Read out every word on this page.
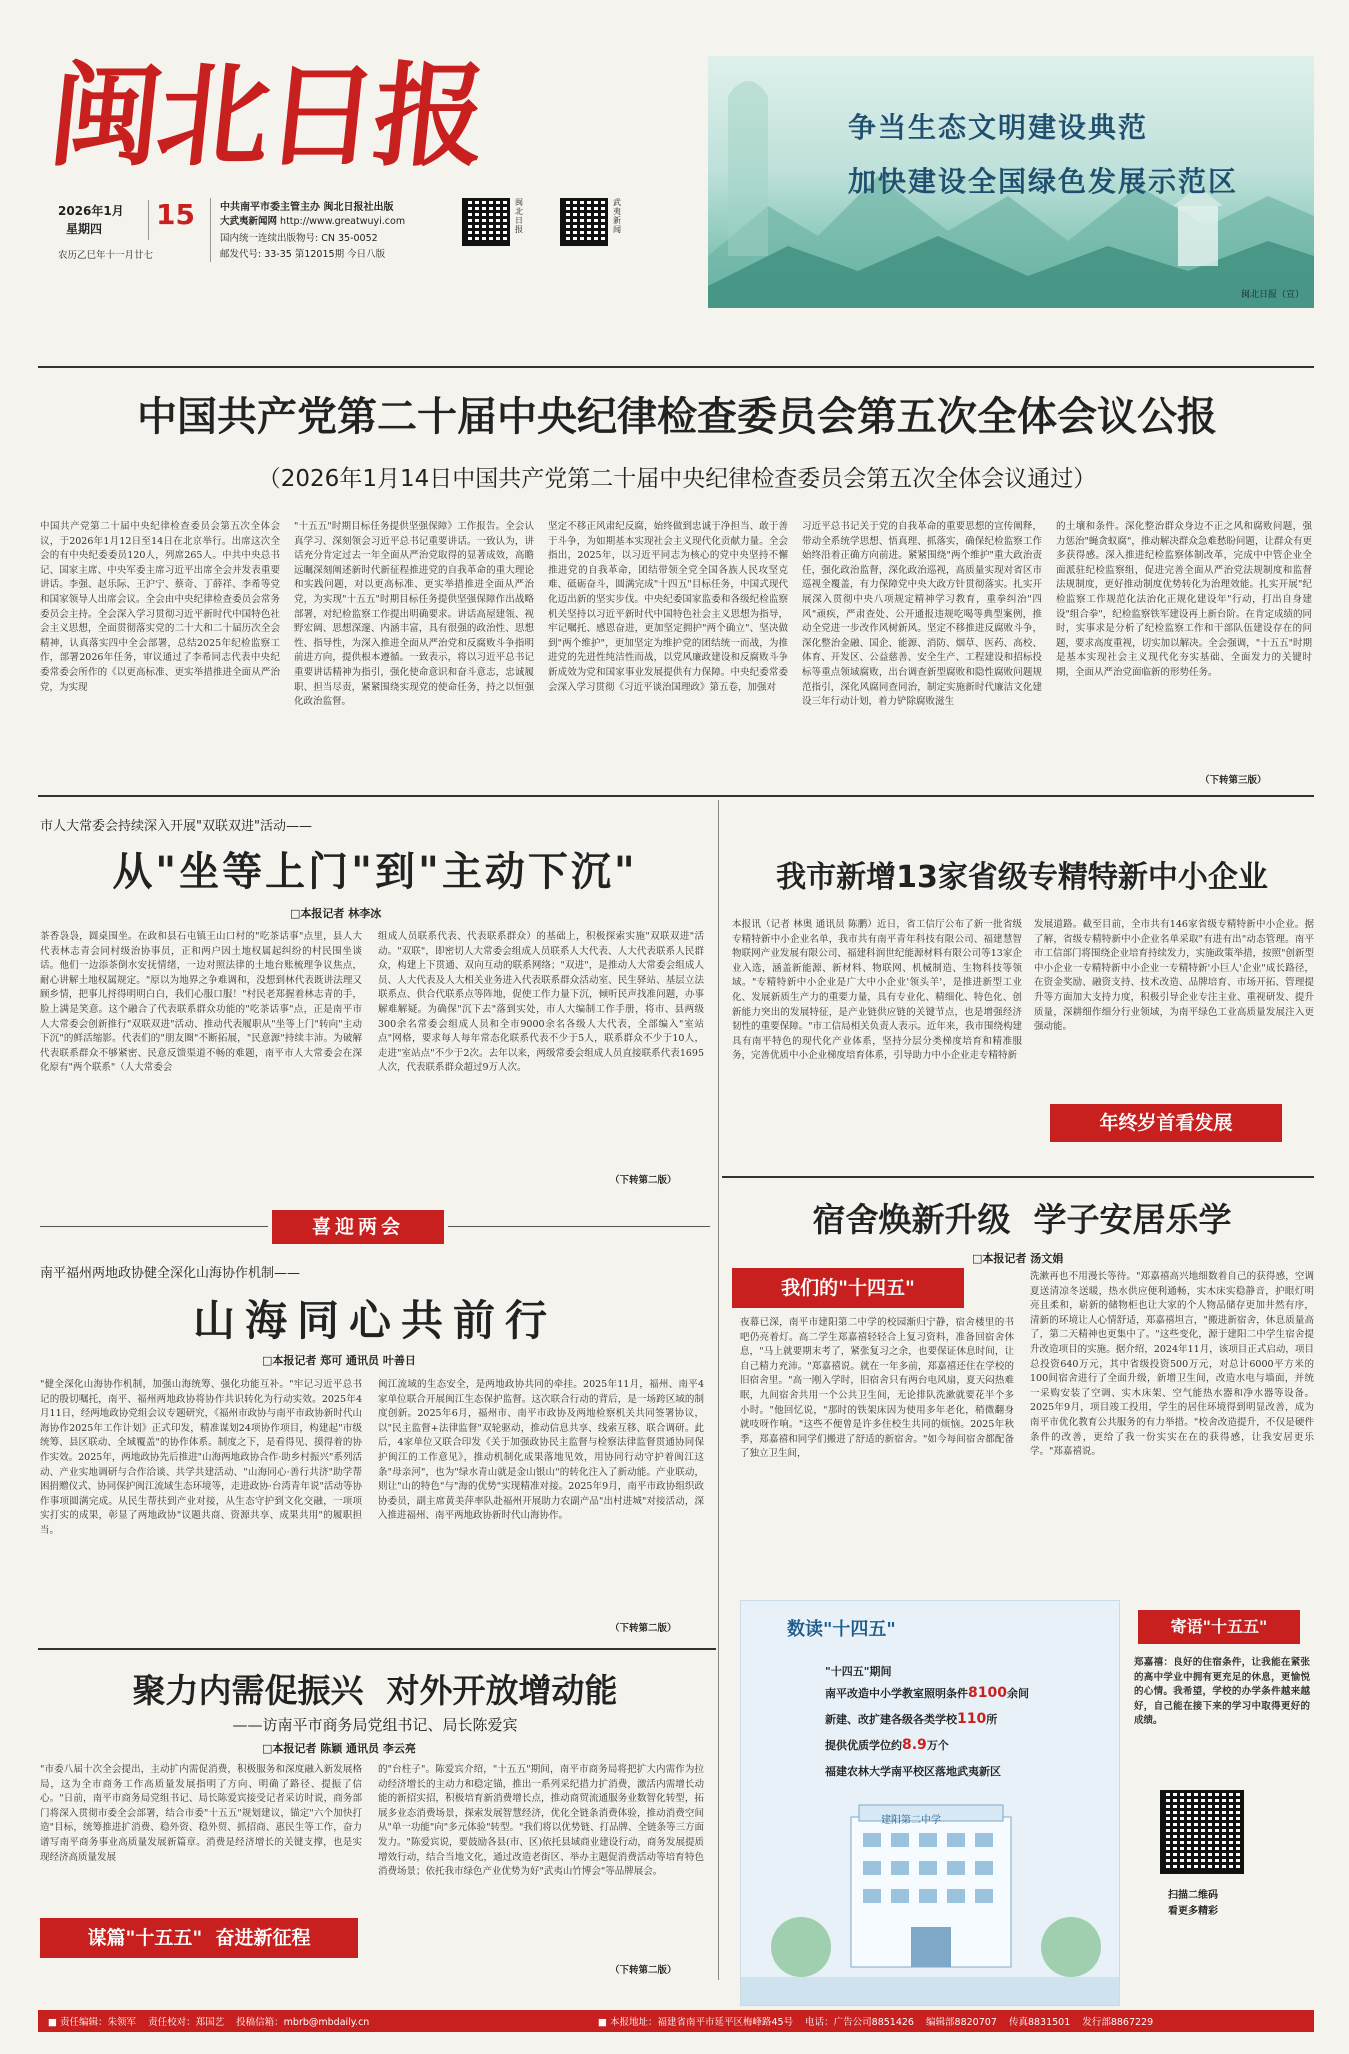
闽北日报
2026年1月
星期四 15
农历乙巳年十一月廿七
中共南平市委主管主办 闽北日报社出版
大武夷新闻网 http://www.greatwuyi.com
国内统一连续出版物号: CN 35-0052
邮发代号: 33-35 第12015期 今日八版
闽北日报
武夷新闻
争当生态文明建设典范
加快建设全国绿色发展示范区
闽北日报（宣）
中国共产党第二十届中央纪律检查委员会第五次全体会议公报
（2026年1月14日中国共产党第二十届中央纪律检查委员会第五次全体会议通过）
中国共产党第二十届中央纪律检查委员会第五次全体会议，于2026年1月12日至14日在北京举行。出席这次全会的有中央纪委委员120人，列席265人。中共中央总书记、国家主席、中央军委主席习近平出席全会并发表重要讲话。李强、赵乐际、王沪宁、蔡奇、丁薛祥、李希等党和国家领导人出席会议。全会由中央纪律检查委员会常务委员会主持。全会深入学习贯彻习近平新时代中国特色社会主义思想，全面贯彻落实党的二十大和二十届历次全会精神，认真落实四中全会部署，总结2025年纪检监察工作，部署2026年任务，审议通过了李希同志代表中央纪委常委会所作的《以更高标准、更实举措推进全面从严治党，为实现
"十五五"时期目标任务提供坚强保障》工作报告。全会认真学习、深刻领会习近平总书记重要讲话。一致认为，讲话充分肯定过去一年全面从严治党取得的显著成效，高瞻远瞩深刻阐述新时代新征程推进党的自我革命的重大理论和实践问题，对以更高标准、更实举措推进全面从严治党，为实现"十五五"时期目标任务提供坚强保障作出战略部署，对纪检监察工作提出明确要求。讲话高屋建瓴、视野宏阔、思想深邃、内涵丰富，具有很强的政治性、思想性、指导性，为深入推进全面从严治党和反腐败斗争指明前进方向，提供根本遵循。一致表示，将以习近平总书记重要讲话精神为指引，强化使命意识和奋斗意志，忠诚履职、担当尽责，紧紧围绕实现党的使命任务，持之以恒强化政治监督。
坚定不移正风肃纪反腐，始终做到忠诚于净担当、敢于善于斗争，为如期基本实现社会主义现代化贡献力量。全会指出，2025年，以习近平同志为核心的党中央坚持不懈推进党的自我革命，团结带领全党全国各族人民攻坚克难、砥砺奋斗，圆满完成"十四五"目标任务，中国式现代化迈出新的坚实步伐。中央纪委国家监委和各级纪检监察机关坚持以习近平新时代中国特色社会主义思想为指导，牢记嘱托、感恩奋进，更加坚定拥护"两个确立"、坚决做到"两个维护"，更加坚定为维护党的团结统一而战，为推进党的先进性纯洁性而战，以党风廉政建设和反腐败斗争新成效为党和国家事业发展提供有力保障。中央纪委常委会深入学习贯彻《习近平谈治国理政》第五卷，加强对
习近平总书记关于党的自我革命的重要思想的宣传阐释，带动全系统学思想、悟真理、抓落实，确保纪检监察工作始终沿着正确方向前进。紧紧围绕"两个维护"重大政治责任，强化政治监督，深化政治巡视，高质量实现对省区市巡视全覆盖，有力保障党中央大政方针贯彻落实。扎实开展深入贯彻中央八项规定精神学习教育，重拳纠治"四风"顽疾，严肃查处、公开通报违规吃喝等典型案例，推动全党进一步改作风树新风。坚定不移推进反腐败斗争，深化整治金融、国企、能源、消防、烟草、医药、高校、体育、开发区、公益慈善、安全生产、工程建设和招标投标等重点领域腐败，出台调查新型腐败和隐性腐败问题规范指引，深化风腐同查同治，制定实施新时代廉洁文化建设三年行动计划，着力铲除腐败滋生
的土壤和条件。深化整治群众身边不正之风和腐败问题，强力惩治"蝇贪蚁腐"，推动解决群众急难愁盼问题，让群众有更多获得感。深入推进纪检监察体制改革，完成中中管企业全面派驻纪检监察组，促进完善全面从严治党法规制度和监督法规制度，更好推动制度优势转化为治理效能。扎实开展"纪检监察工作规范化法治化正规化建设年"行动，打出自身建设"组合拳"，纪检监察铁军建设再上新台阶。在肯定成绩的同时，实事求是分析了纪检监察工作和干部队伍建设存在的问题，要求高度重视，切实加以解决。全会强调，"十五五"时期是基本实现社会主义现代化夯实基础、全面发力的关键时期，全面从严治党面临新的形势任务。
（下转第三版）
市人大常委会持续深入开展"双联双进"活动——
从"坐等上门"到"主动下沉"
□本报记者 林李冰
茶香袅袅，圆桌围坐。在政和县石屯镇王山口村的"吃茶话事"点里，县人大代表林志青会同村级治协事员，正和两户因土地权属起纠纷的村民围坐谈话。他们一边添茶倒水安抚情绪，一边对照法律的土地台账梳理争议焦点，耐心讲解土地权属规定。"原以为地界之争难调和，没想到林代表既讲法理又顾乡情，把事儿捋得明明白白，我们心服口服！"村民老郑握着林志青的手，脸上满是笑意。这个融合了代表联系群众功能的"吃茶话事"点，正是南平市人大常委会创新推行"双联双进"活动、推动代表履职从"坐等上门"转向"主动下沉"的鲜活缩影。代表们的"朋友圈"不断拓展，"民意源"持续丰沛。为破解代表联系群众不够紧密、民意反馈渠道不畅的难题，南平市人大常委会在深化原有"两个联系"（人大常委会
组成人员联系代表、代表联系群众）的基础上，积极探索实施"双联双进"活动。"双联"，即密切人大常委会组成人员联系人大代表、人大代表联系人民群众，构建上下贯通、双向互动的联系网络；"双进"，是推动人大常委会组成人员、人大代表及人大相关业务进入代表联系群众活动室、民生驿站、基层立法联系点、供合代联系点等阵地，促使工作力量下沉，倾听民声找准问题，办事解难解疑。为确保"沉下去"落到实处，市人大编制工作手册，将市、县两级300余名常委会组成人员和全市9000余名各级人大代表，全部编入"室站点"网格，要求每人每年常态化联系代表不少于5人，联系群众不少于10人，走进"室站点"不少于2次。去年以来，两级常委会组成人员直接联系代表1695人次，代表联系群众超过9万人次。
（下转第二版）
喜迎两会
南平福州两地政协健全深化山海协作机制——
山海同心共前行
□本报记者 郑可 通讯员 叶善日
"健全深化山海协作机制，加强山海统筹、强化功能互补。"牢记习近平总书记的殷切嘱托，南平、福州两地政协将协作共识转化为行动实效。2025年4月11日，经两地政协党组会议专题研究，《福州市政协与南平市政协新时代山海协作2025年工作计划》正式印发，精准谋划24项协作项目，构建起"市级统筹、县区联动、全域覆盖"的协作体系。制度之下，是看得见、摸得着的协作实效。2025年，两地政协先后推进"山海两地政协合作·助乡村振兴"系列活动、产业实地调研与合作洽谈、共学共建活动、"山海同心·善行共济"助学帮困捐赠仪式、协同保护闽江流域生态环境等，走进政协·台湾青年说"活动等协作事项圆满完成。从民生帮扶到产业对接，从生态守护到文化交融，一项项实打实的成果，彰显了两地政协"议题共商、资源共享、成果共用"的履职担当。
闽江流域的生态安全，是两地政协共同的牵挂。2025年11月，福州、南平4家单位联合开展闽江生态保护监督。这次联合行动的背后，是一场跨区域的制度创新。2025年6月，福州市、南平市政协及两地检察机关共同签署协议，以"民主监督+法律监督"双轮驱动，推动信息共享、线索互移、联合调研。此后，4家单位又联合印发《关于加强政协民主监督与检察法律监督贯通协同保护闽江的工作意见》，推动机制化成果落地见效，用协同行动守护着闽江这条"母亲河"，也为"绿水青山就是金山银山"的转化注入了新动能。产业联动，则让"山的特色"与"海的优势"实现精准对接。2025年9月，南平市政协组织政协委员，副主席黄美萍率队赴福州开展助力农副产品"出村进城"对接活动，深入推进福州、南平两地政协新时代山海协作。
（下转第二版）
聚力内需促振兴  对外开放增动能
——访南平市商务局党组书记、局长陈爱宾
□本报记者 陈颖 通讯员 李云亮
"市委八届十次全会提出，主动扩内需促消费，积极服务和深度融入新发展格局，这为全市商务工作高质量发展指明了方向、明确了路径、提振了信心。"日前，南平市商务局党组书记、局长陈爱宾接受记者采访时说，商务部门将深入贯彻市委全会部署，结合市委"十五五"规划建议，锚定"六个加快打造"目标，统筹推进扩消费、稳外资、稳外贸、抓招商、惠民生等工作，奋力谱写南平商务事业高质量发展新篇章。消费是经济增长的关键支撑，也是实现经济高质量发展
的"台柱子"。陈爱宾介绍，"十五五"期间，南平市商务局将把扩大内需作为拉动经济增长的主动力和稳定锚，推出一系列采纪措力扩消费，激活内需增长动能的新招实招，积极培育新消费增长点，推动商贸流通服务业数智化转型，拓展多业态消费场景，探索发展智慧经济，优化全链条消费体验，推动消费空间从"单一功能"向"多元体验"转型。"我们将以优势链、打品牌、全链条等三方面发力。"陈爱宾说，要鼓励各县(市、区)依托县域商业建设行动，商务发展提质增效行动，结合当地文化，通过改造老街区、举办主题促消费活动等培育特色消费场景；依托我市绿色产业优势为好"武夷山竹博会"等品牌展会。
（下转第二版）
谋篇"十五五"  奋进新征程
我市新增13家省级专精特新中小企业
本报讯（记者 林奥 通讯员 陈鹏）近日，省工信厅公布了新一批省级专精特新中小企业名单，我市共有南平青年科技有限公司、福建慧智物联网产业发展有限公司、福建科润世纪能源材料有限公司等13家企业入选，涵盖新能源、新材料、物联网、机械制造、生物科技等领域。"专精特新中小企业是广大中小企业'领头羊'，是推进新型工业化、发展新质生产力的重要力量，具有专业化、精细化、特色化、创新能力突出的发展特征，是产业链供应链的关键节点，也是增强经济韧性的重要保障。"市工信局相关负责人表示。近年来，我市围绕构建具有南平特色的现代化产业体系，坚持分层分类梯度培育和精准服务，完善优质中小企业梯度培育体系，引导助力中小企业走专精特新
发展道路。截至目前，全市共有146家省级专精特新中小企业。据了解，省级专精特新中小企业名单采取"有进有出"动态管理。南平市工信部门将围绕企业培育持续发力，实施政策举措，按照"创新型中小企业一专精特新中小企业一专精特新'小巨人'企业"成长路径，在资金奖励、融资支持、技术改造、品牌培育、市场开拓、管理提升等方面加大支持力度，积极引导企业专注主业、重视研发、提升质量，深耕细作细分行业领域，为南平绿色工业高质量发展注入更强动能。
年终岁首看发展
宿舍焕新升级  学子安居乐学
□本报记者 汤文娟
我们的"十四五"
夜幕已深，南平市建阳第二中学的校园渐归宁静，宿舍楼里的书吧仍亮着灯。高二学生郑嘉禧轻轻合上复习资料，准备回宿舍休息，"马上就要期末考了，紧张复习之余，也要保证休息时间，让自己精力充沛。"郑嘉禧说。就在一年多前，郑嘉禧还住在学校的旧宿舍里。"高一刚入学时，旧宿舍只有两台电风扇，夏天闷热难眠，九间宿舍共用一个公共卫生间，无论排队洗漱就要花半个多小时。"他回忆说，"那时的铁架床因为使用多年老化，稍微翻身就吱呀作响。"这些不便曾是许多住校生共同的烦恼。2025年秋季，郑嘉禧和同学们搬进了舒适的新宿舍。"如今每间宿舍都配备了独立卫生间，
洗漱再也不用漫长等待。"郑嘉禧高兴地细数着自己的获得感，空调夏送清凉冬送暖，热水供应便利通畅，实木床实稳静音，护眼灯明亮且柔和，崭新的储物柜也让大家的个人物品储存更加井然有序，清新的环境让人心情舒适，郑嘉禧坦言，"搬进新宿舍，休息质量高了，第二天精神也更集中了。"这些变化，源于建阳二中学生宿舍提升改造项目的实施。据介绍，2024年11月，该项目正式启动，项目总投资640万元，其中省级投资500万元，对总计6000平方米的100间宿舍进行了全面升级，新增卫生间，改造水电与墙面，并统一采购安装了空调、实木床架、空气能热水器和净水器等设备。2025年9月，项目竣工投用，学生的居住环境得到明显改善，成为南平市优化教育公共服务的有力举措。"校舍改造提升，不仅是硬件条件的改善，更给了我一份实实在在的获得感，让我安居更乐学。"郑嘉禧说。
数读"十四五"
"十四五"期间
南平改造中小学教室照明条件8100余间
新建、改扩建各级各类学校110所
提供优质学位约8.9万个
福建农林大学南平校区落地武夷新区
建阳第二中学
寄语"十五五"
郑嘉禧：良好的住宿条件，让我能在紧张的高中学业中拥有更充足的休息，更愉悦的心情。我希望，学校的办学条件越来越好，自己能在接下来的学习中取得更好的成绩。
扫描二维码
看更多精彩
■ 责任编辑：朱领军    责任校对：郑国艺    投稿信箱：mbrb@mbdaily.cn	■ 本报地址：福建省南平市延平区梅峰路45号    电话：广告公司8851426    编辑部8820707    传真8831501    发行部8867229
